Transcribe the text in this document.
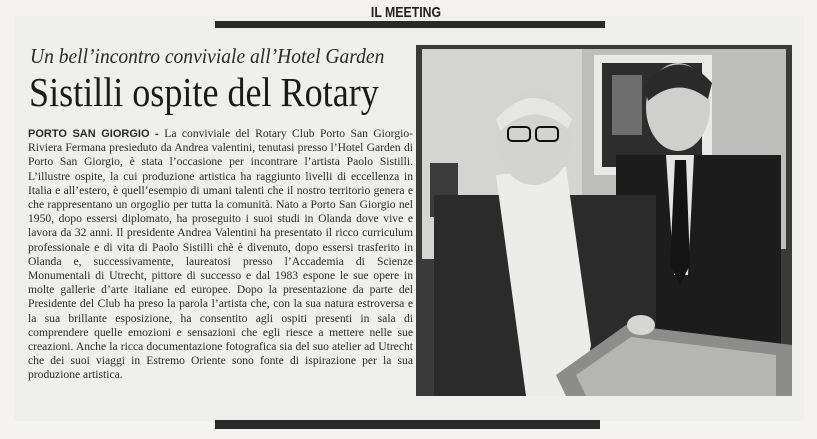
IL MEETING
Un bell’incontro conviviale all’Hotel Garden
Sistilli ospite del Rotary
PORTO SAN GIORGIO - La conviviale del Rotary Club Porto San Giorgio-Riviera Fermana presieduto da Andrea valentini, tenutasi presso l’Hotel Garden di Porto San Giorgio, è stata l’occasione per incontrare l’artista Paolo Sistilli. L’illustre ospite, la cui produzione artistica ha raggiunto livelli di eccellenza in Italia e all’estero, è quell’esempio di umani talenti che il nostro territorio genera e che rappresentano un orgoglio per tutta la comunità. Nato a Porto San Giorgio nel 1950, dopo essersi diplomato, ha proseguito i suoi studi in Olanda dove vive e lavora da 32 anni. Il presidente Andrea Valentini ha presentato il ricco curriculum professionale e di vita di Paolo Sistilli chè è divenuto, dopo essersi trasferito in Olanda e, successivamente, laureatosi presso l’Accademia di Scienze Monumentali di Utrecht, pittore di successo e dal 1983 espone le sue opere in molte gallerie d’arte italiane ed europee. Dopo la presentazione da parte del Presidente del Club ha preso la parola l’artista che, con la sua natura estroversa e la sua brillante esposizione, ha consentito agli ospiti presenti in sala di comprendere quelle emozioni e sensazioni che egli riesce a mettere nelle sue creazioni. Anche la ricca documentazione fotografica sia del suo atelier ad Utrecht che dei suoi viaggi in Estremo Oriente sono fonte di ispirazione per la sua produzione artistica.
